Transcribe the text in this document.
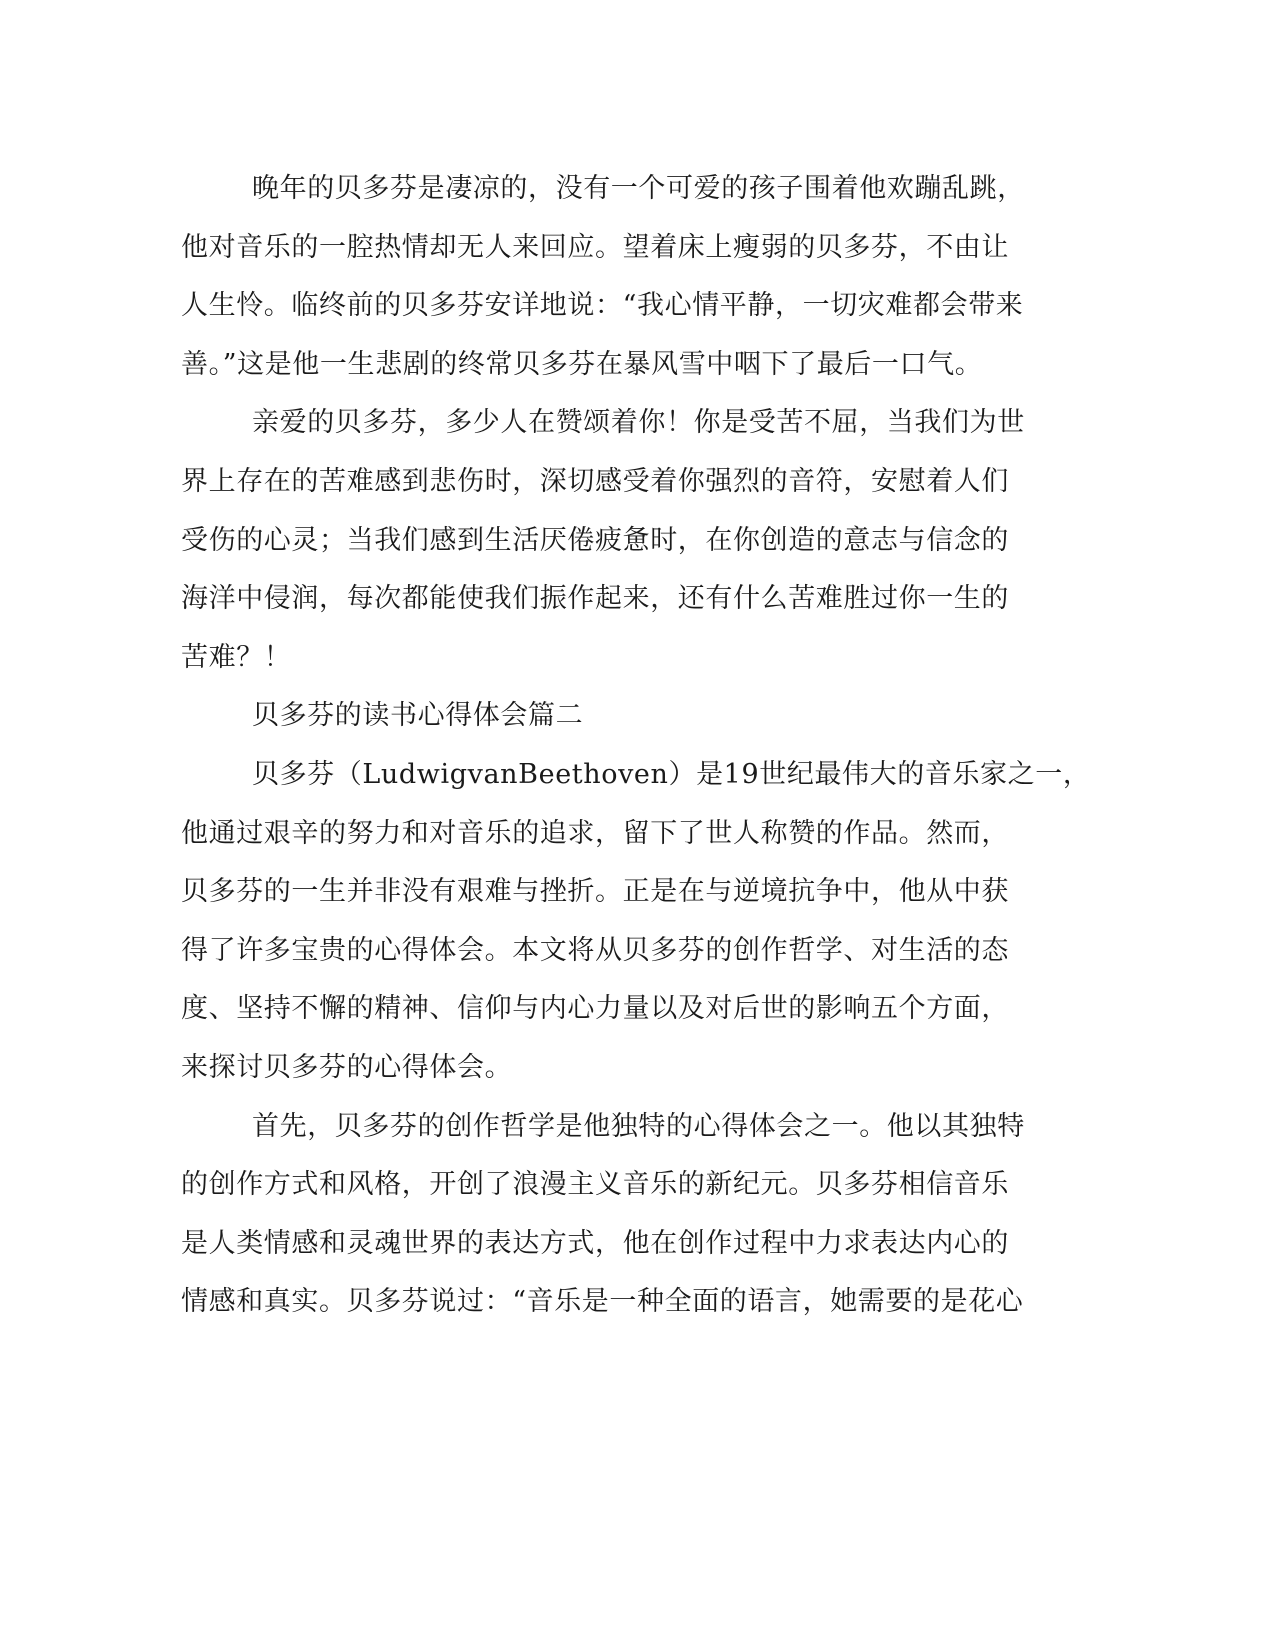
晚年的贝多芬是凄凉的，没有一个可爱的孩子围着他欢蹦乱跳，
他对音乐的一腔热情却无人来回应。望着床上瘦弱的贝多芬，不由让
人生怜。临终前的贝多芬安详地说：“我心情平静，一切灾难都会带来
善。”这是他一生悲剧的终常贝多芬在暴风雪中咽下了最后一口气。
亲爱的贝多芬，多少人在赞颂着你！你是受苦不屈，当我们为世
界上存在的苦难感到悲伤时，深切感受着你强烈的音符，安慰着人们
受伤的心灵；当我们感到生活厌倦疲惫时，在你创造的意志与信念的
海洋中侵润，每次都能使我们振作起来，还有什么苦难胜过你一生的
苦难？！
贝多芬的读书心得体会篇二
贝多芬（LudwigvanBeethoven）是19世纪最伟大的音乐家之一，
他通过艰辛的努力和对音乐的追求，留下了世人称赞的作品。然而，
贝多芬的一生并非没有艰难与挫折。正是在与逆境抗争中，他从中获
得了许多宝贵的心得体会。本文将从贝多芬的创作哲学、对生活的态
度、坚持不懈的精神、信仰与内心力量以及对后世的影响五个方面，
来探讨贝多芬的心得体会。
首先，贝多芬的创作哲学是他独特的心得体会之一。他以其独特
的创作方式和风格，开创了浪漫主义音乐的新纪元。贝多芬相信音乐
是人类情感和灵魂世界的表达方式，他在创作过程中力求表达内心的
情感和真实。贝多芬说过：“音乐是一种全面的语言，她需要的是花心
